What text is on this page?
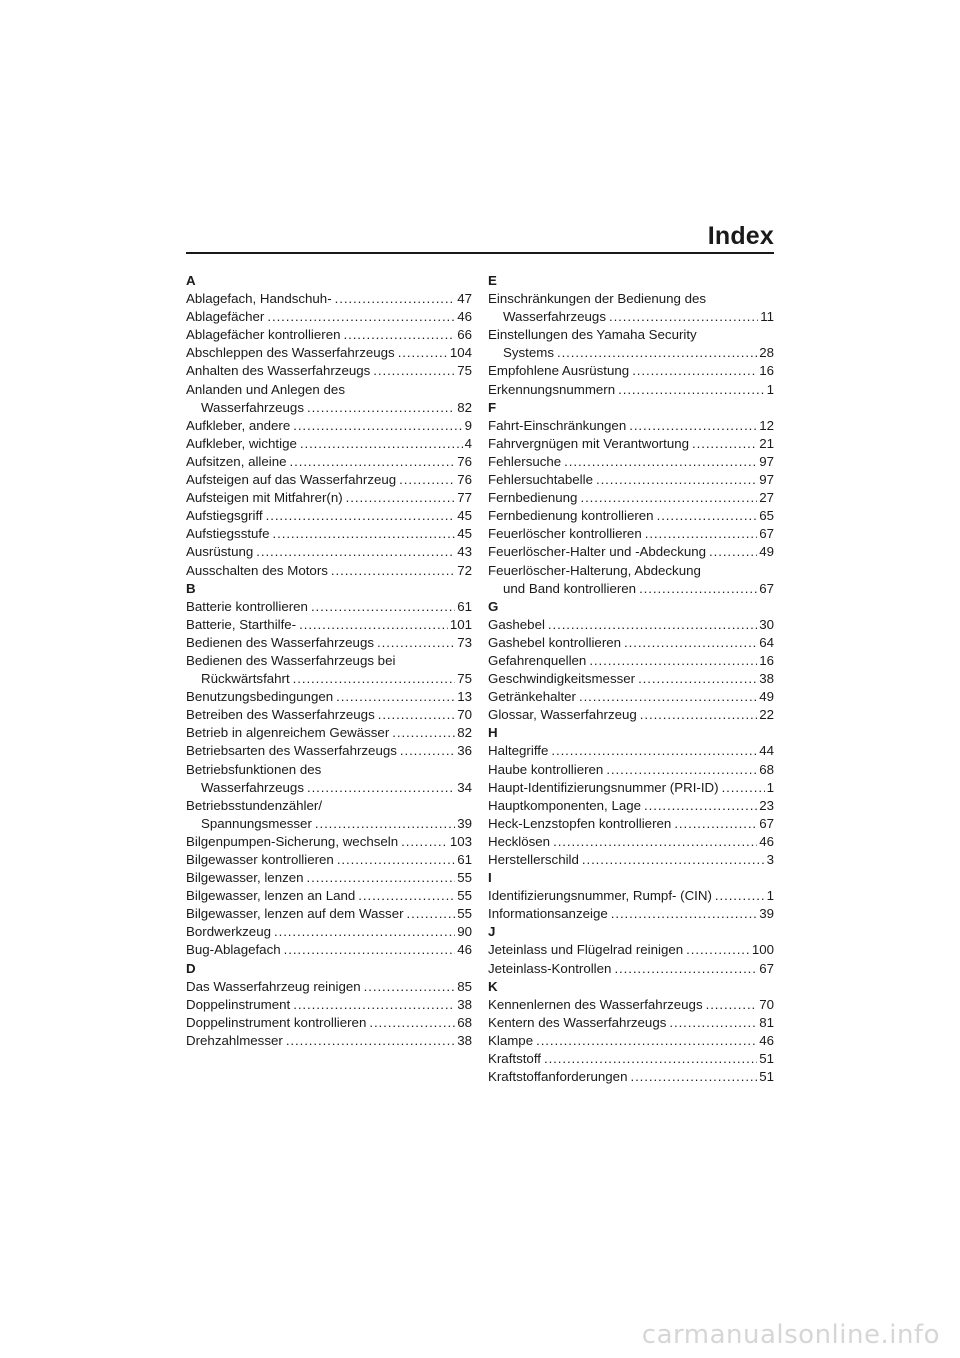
Index
A
Ablagefach, Handschuh- .....	47
Ablagefächer .....	46
Ablagefächer kontrollieren .....	66
Abschleppen des Wasserfahrzeugs .....	104
Anhalten des Wasserfahrzeugs .....	75
Anlanden und Anlegen des
Wasserfahrzeugs .....	82
Aufkleber, andere .....	9
Aufkleber, wichtige .....	4
Aufsitzen, alleine .....	76
Aufsteigen auf das Wasserfahrzeug .....	76
Aufsteigen mit Mitfahrer(n) .....	77
Aufstiegsgriff .....	45
Aufstiegsstufe .....	45
Ausrüstung .....	43
Ausschalten des Motors .....	72
B
Batterie kontrollieren .....	61
Batterie, Starthilfe- .....	101
Bedienen des Wasserfahrzeugs .....	73
Bedienen des Wasserfahrzeugs bei
Rückwärtsfahrt .....	75
Benutzungsbedingungen .....	13
Betreiben des Wasserfahrzeugs .....	70
Betrieb in algenreichem Gewässer .....	82
Betriebsarten des Wasserfahrzeugs .....	36
Betriebsfunktionen des
Wasserfahrzeugs .....	34
Betriebsstundenzähler/
Spannungsmesser .....	39
Bilgenpumpen-Sicherung, wechseln .....	103
Bilgewasser kontrollieren .....	61
Bilgewasser, lenzen .....	55
Bilgewasser, lenzen an Land .....	55
Bilgewasser, lenzen auf dem Wasser .....	55
Bordwerkzeug .....	90
Bug-Ablagefach .....	46
D
Das Wasserfahrzeug reinigen .....	85
Doppelinstrument .....	38
Doppelinstrument kontrollieren .....	68
Drehzahlmesser .....	38
E
Einschränkungen der Bedienung des
Wasserfahrzeugs .....	11
Einstellungen des Yamaha Security
Systems .....	28
Empfohlene Ausrüstung .....	16
Erkennungsnummern .....	1
F
Fahrt-Einschränkungen .....	12
Fahrvergnügen mit Verantwortung .....	21
Fehlersuche .....	97
Fehlersuchtabelle .....	97
Fernbedienung .....	27
Fernbedienung kontrollieren .....	65
Feuerlöscher kontrollieren .....	67
Feuerlöscher-Halter und -Abdeckung .....	49
Feuerlöscher-Halterung, Abdeckung
und Band kontrollieren .....	67
G
Gashebel .....	30
Gashebel kontrollieren .....	64
Gefahrenquellen .....	16
Geschwindigkeitsmesser .....	38
Getränkehalter .....	49
Glossar, Wasserfahrzeug .....	22
H
Haltegriffe .....	44
Haube kontrollieren .....	68
Haupt-Identifizierungsnummer (PRI-ID) .....	1
Hauptkomponenten, Lage .....	23
Heck-Lenzstopfen kontrollieren .....	67
Hecklösen .....	46
Herstellerschild .....	3
I
Identifizierungsnummer, Rumpf- (CIN) .....	1
Informationsanzeige .....	39
J
Jeteinlass und Flügelrad reinigen .....	100
Jeteinlass-Kontrollen .....	67
K
Kennenlernen des Wasserfahrzeugs .....	70
Kentern des Wasserfahrzeugs .....	81
Klampe .....	46
Kraftstoff .....	51
Kraftstoffanforderungen .....	51
carmanualsonline.info
